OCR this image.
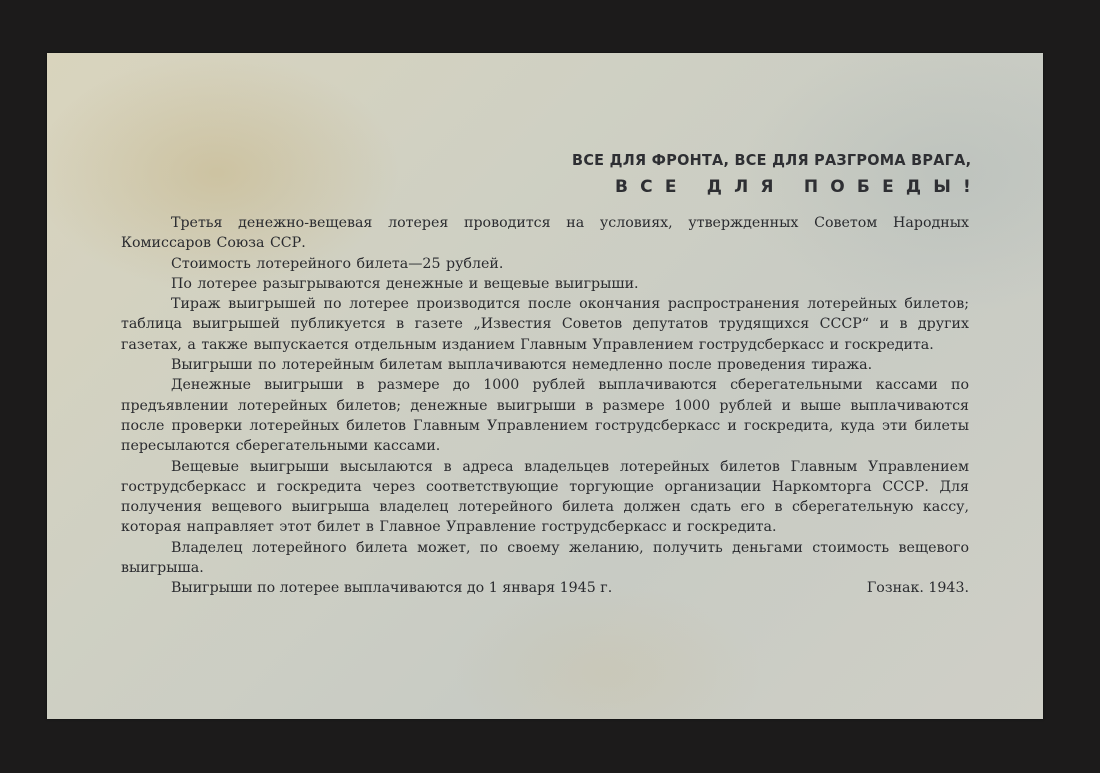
ВСЕ ДЛЯ ФРОНТА, ВСЕ ДЛЯ РАЗГРОМА ВРАГА,
ВСЕ ДЛЯ ПОБЕДЫ!

Третья денежно-вещевая лотерея проводится на условиях, утвержденных Советом Народных Комиссаров Союза ССР.

Стоимость лотерейного билета—25 рублей.

По лотерее разыгрываются денежные и вещевые выигрыши.

Тираж выигрышей по лотерее производится после окончания распространения лотерейных билетов; таблица выигрышей публикуется в газете „Известия Советов депутатов трудящихся СССР“ и в других газетах, а также выпускается отдельным изданием Главным Управлением гострудсберкасс и госкредита.

Выигрыши по лотерейным билетам выплачиваются немедленно после проведения тиража.

Денежные выигрыши в размере до 1000 рублей выплачиваются сберегательными кассами по предъявлении лотерейных билетов; денежные выигрыши в размере 1000 рублей и выше выплачиваются после проверки лотерейных билетов Главным Управлением гострудсберкасс и госкредита, куда эти билеты пересылаются сберегательными кассами.

Вещевые выигрыши высылаются в адреса владельцев лотерейных билетов Главным Управлением гострудсберкасс и госкредита через соответствующие торгующие организации Наркомторга СССР. Для получения вещевого выигрыша владелец лотерейного билета должен сдать его в сберегательную кассу, которая направляет этот билет в Главное Управление гострудсберкасс и госкредита.

Владелец лотерейного билета может, по своему желанию, получить деньгами стоимость вещевого выигрыша.

Выигрыши по лотерее выплачиваются до 1 января 1945 г.	Гознак. 1943.
